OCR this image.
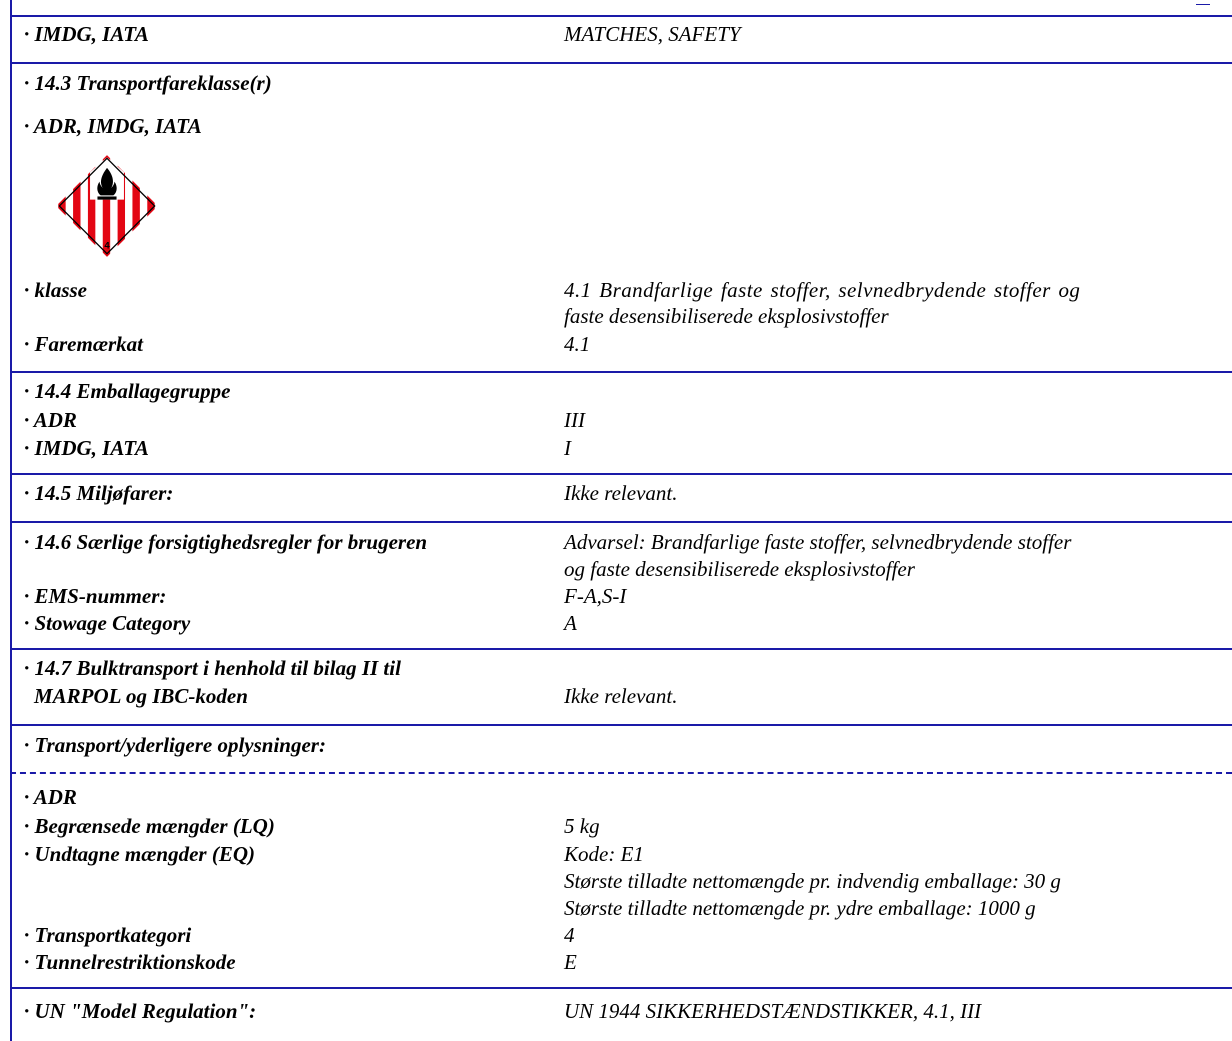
· IMDG, IATA	MATCHES, SAFETY
· 14.3 Transportfareklasse(r)
· ADR, IMDG, IATA
4
· klasse	4.1 Brandfarlige faste stoffer, selvnedbrydende stoffer og
faste desensibiliserede eksplosivstoffer
· Faremærkat	4.1
· 14.4 Emballagegruppe
· ADR	III
· IMDG, IATA	I
· 14.5 Miljøfarer:	Ikke relevant.
· 14.6 Særlige forsigtighedsregler for brugeren	Advarsel: Brandfarlige faste stoffer, selvnedbrydende stoffer
og faste desensibiliserede eksplosivstoffer
· EMS-nummer:	F-A,S-I
· Stowage Category	A
· 14.7 Bulktransport i henhold til bilag II til
MARPOL og IBC-koden	Ikke relevant.
· Transport/yderligere oplysninger:
· ADR
· Begrænsede mængder (LQ)	5 kg
· Undtagne mængder (EQ)	Kode: E1
Største tilladte nettomængde pr. indvendig emballage: 30 g
Største tilladte nettomængde pr. ydre emballage: 1000 g
· Transportkategori	4
· Tunnelrestriktionskode	E
· UN "Model Regulation":	UN 1944 SIKKERHEDSTÆNDSTIKKER, 4.1, III
